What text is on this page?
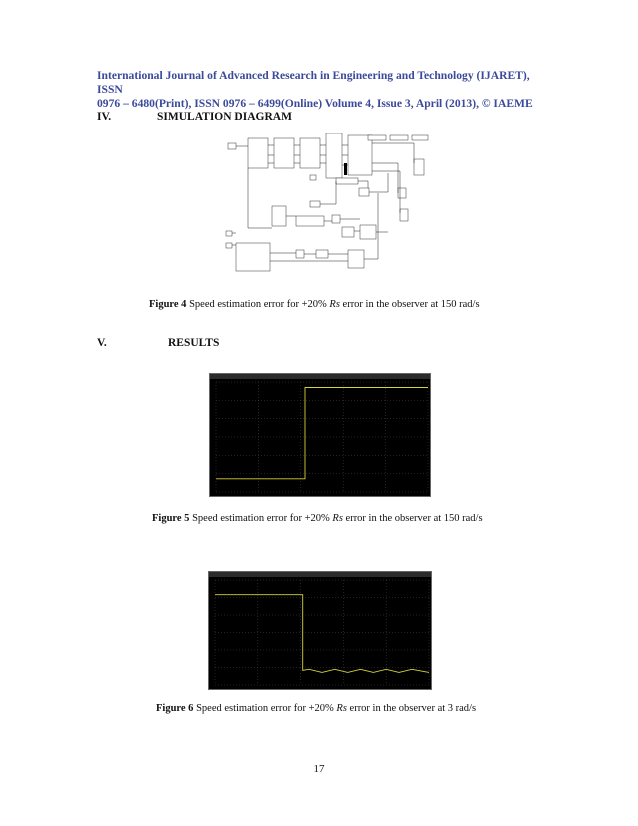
International Journal of Advanced Research in Engineering and Technology (IJARET), ISSN
0976 – 6480(Print), ISSN 0976 – 6499(Online) Volume 4, Issue 3, April (2013), © IAEME
IV.	SIMULATION DIAGRAM
Figure 4 Speed estimation error for +20% Rs error in the observer at 150 rad/s
V.	RESULTS
Figure 5 Speed estimation error for +20% Rs error in the observer at 150 rad/s
Figure 6 Speed estimation error for +20% Rs error in the observer at 3 rad/s
17
